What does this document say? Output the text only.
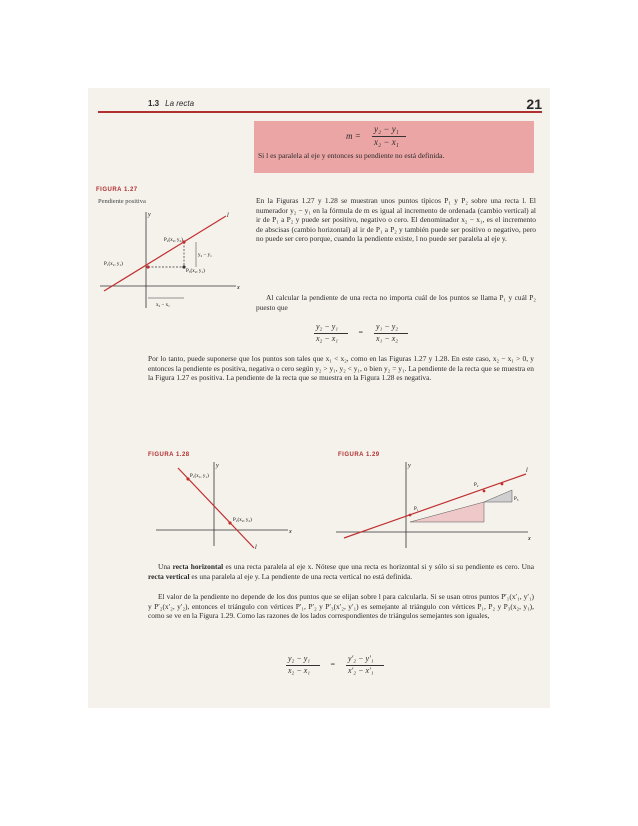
1.3 La recta	21
m =
y₂ − y₁
x₂ − x₁
Si l es paralela al eje y entonces su pendiente no está definida.
FIGURA 1.27
Pendiente positiva
P₂(x₂, y₂)
P₁(x₁, y₁)
P₃(x₂, y₁)
y₂ − y₁
x₂ − x₁
l
x
y
En la Figuras 1.27 y 1.28 se muestran unos puntos típicos P₁ y P₂ sobre una recta l. El numerador y₂ − y₁ en la fórmula de m es igual al incremento de ordenada (cambio vertical) al ir de P₁ a P₂ y puede ser positivo, negativo o cero. El denominador x₂ − x₁, es el incremento de abscisas (cambio horizontal) al ir de P₁ a P₂ y también puede ser positivo o negativo, pero no puede ser cero porque, cuando la pendiente existe, l no puede ser paralela al eje y.
Al calcular la pendiente de una recta no importa cuál de los puntos se llama P₁ y cuál P₂ puesto que
y₂ − y₁
x₂ − x₁
=
y₁ − y₂
x₁ − x₂
Por lo tanto, puede suponerse que los puntos son tales que x₁ < x₂, como en las Figuras 1.27 y 1.28. En este caso, x₂ − x₁ > 0, y entonces la pendiente es positiva, negativa o cero según y₂ > y₁, y₂ < y₁, o bien y₂ = y₁. La pendiente de la recta que se muestra en la Figura 1.27 es positiva. La pendiente de la recta que se muestra en la Figura 1.28 es negativa.
FIGURA 1.28
P₁(x₁, y₁)
P₂(x₂, y₂)
l
x
y
FIGURA 1.29
P₁
P₂
P₃
l
x
y
Una recta horizontal es una recta paralela al eje x. Nótese que una recta es horizontal si y sólo si su pendiente es cero. Una recta vertical es una paralela al eje y. La pendiente de una recta vertical no está definida.
El valor de la pendiente no depende de los dos puntos que se elijan sobre l para calcularla. Si se usan otros puntos P′₁(x′₁, y′₁) y P′₂(x′₂, y′₂), entonces el triángulo con vértices P′₁, P′₂ y P′₃(x′₂, y′₁) es semejante al triángulo con vértices P₁, P₂ y P₃(x₂, y₁), como se ve en la Figura 1.29. Como las razones de los lados correspondientes de triángulos semejantes son iguales,
y₂ − y₁
x₂ − x₁
=
y′₂ − y′₁
x′₂ − x′₁
